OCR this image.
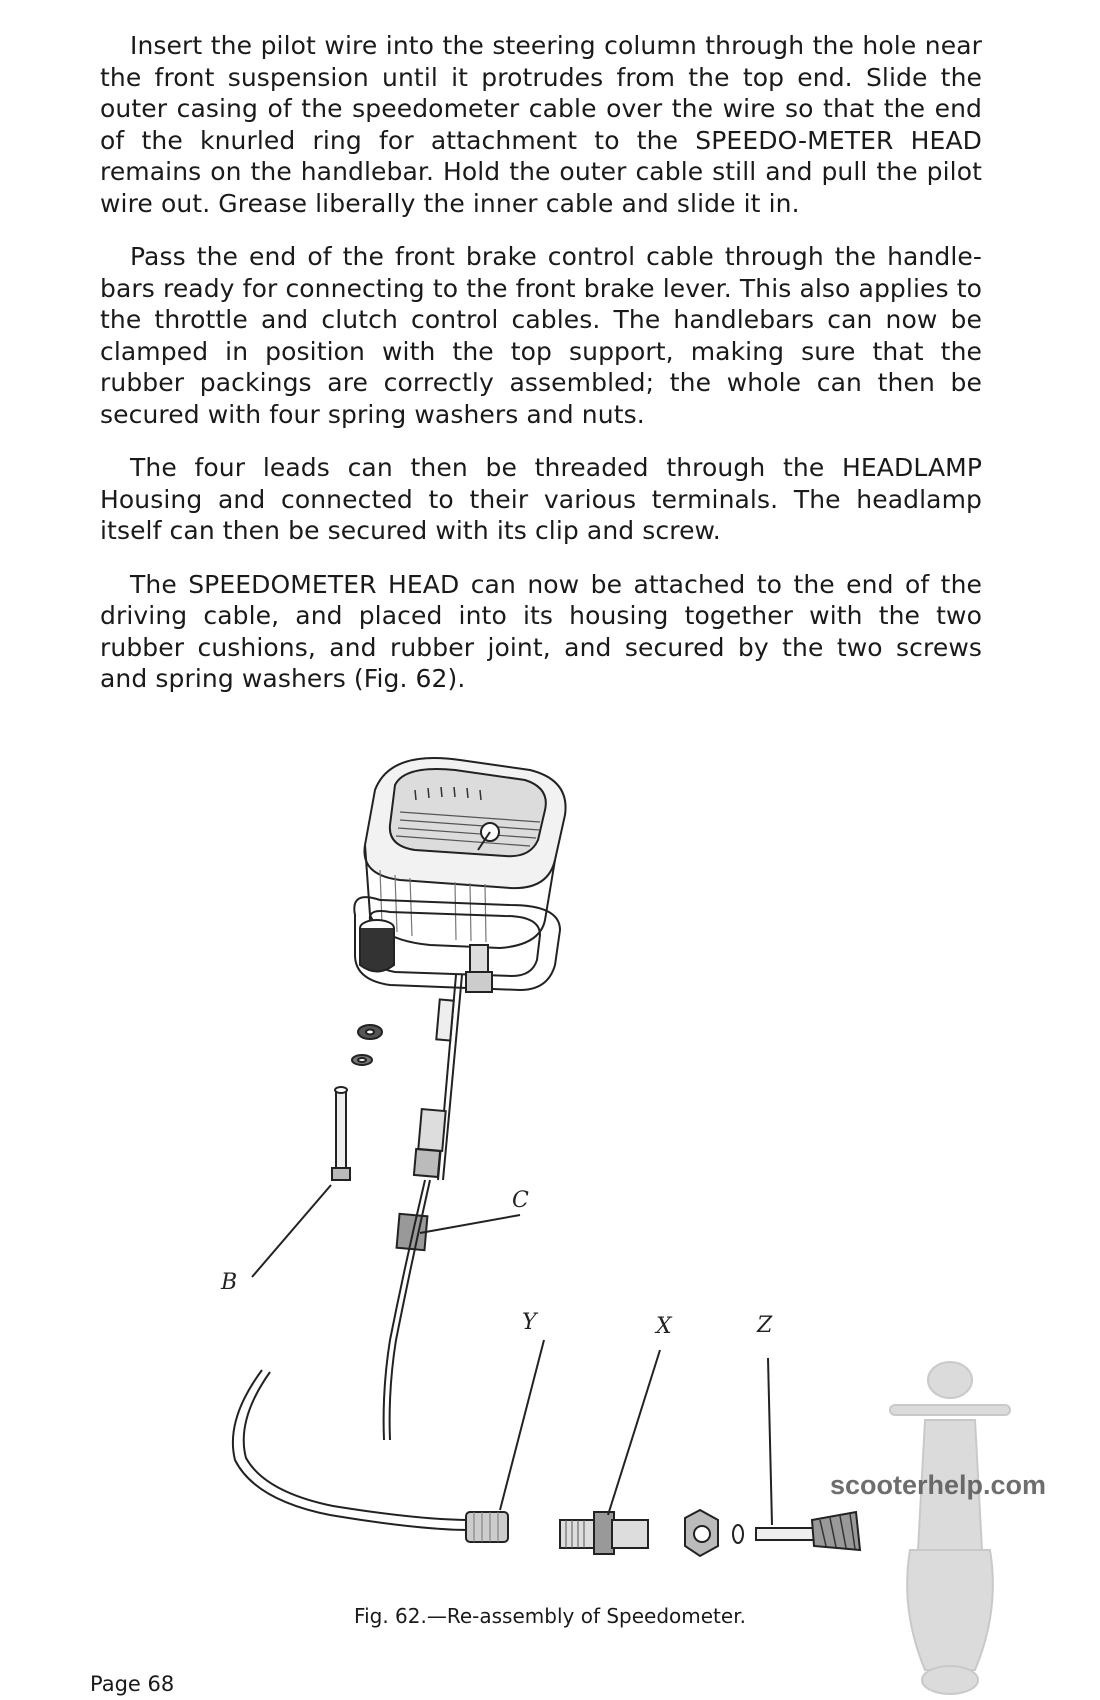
Insert the pilot wire into the steering column through the hole near the front suspension until it protrudes from the top end. Slide the outer casing of the speedometer cable over the wire so that the end of the knurled ring for attachment to the SPEEDO-METER HEAD remains on the handlebar. Hold the outer cable still and pull the pilot wire out. Grease liberally the inner cable and slide it in.

Pass the end of the front brake control cable through the handle-bars ready for connecting to the front brake lever. This also applies to the throttle and clutch control cables. The handlebars can now be clamped in position with the top support, making sure that the rubber packings are correctly assembled; the whole can then be secured with four spring washers and nuts.

The four leads can then be threaded through the HEADLAMP Housing and connected to their various terminals. The headlamp itself can then be secured with its clip and screw.

The SPEEDOMETER HEAD can now be attached to the end of the driving cable, and placed into its housing together with the two rubber cushions, and rubber joint, and secured by the two screws and spring washers (Fig. 62).

B
C
Y	X	Z
scooterhelp.com
Fig. 62.—Re-assembly of Speedometer.
Page 68
